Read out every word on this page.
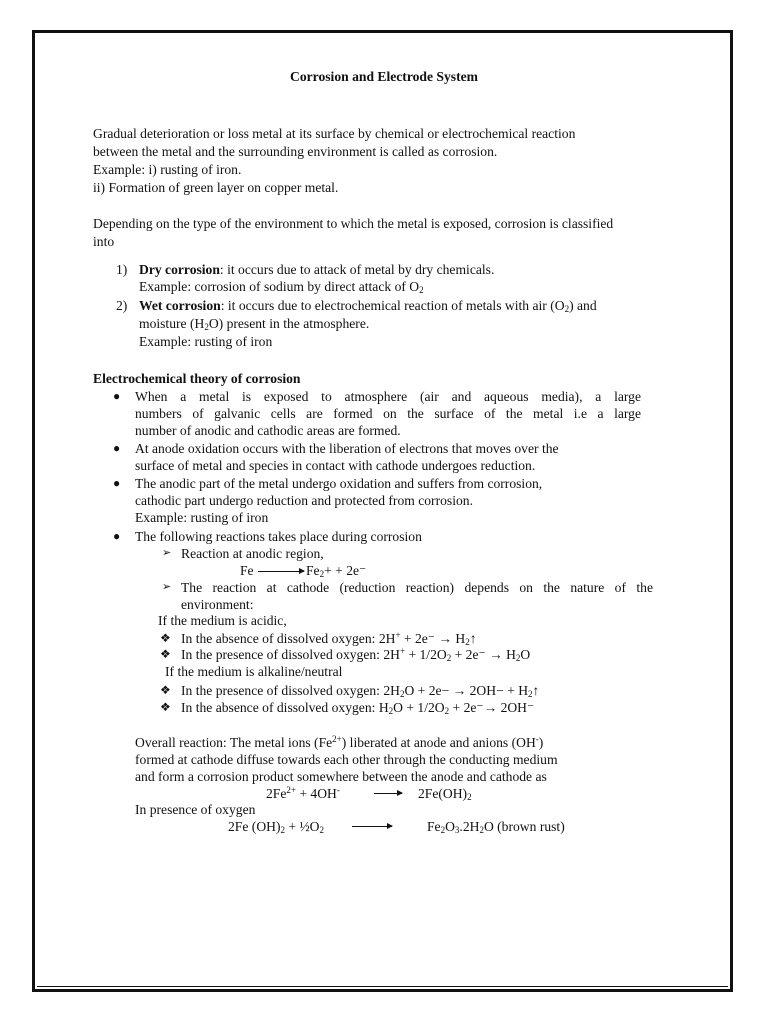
Corrosion and Electrode System
Gradual deterioration or loss metal at its surface by chemical or electrochemical reaction
between the metal and the surrounding environment is called as corrosion.
Example: i) rusting of iron.
ii) Formation of green layer on copper metal.
Depending on the type of the environment to which the metal is exposed, corrosion is classified
into
1) Dry corrosion: it occurs due to attack of metal by dry chemicals.
Example: corrosion of sodium by direct attack of $O_2$
2) Wet corrosion: it occurs due to electrochemical reaction of metals with air $(O_2)$ and
moisture $(H_2O)$ present in the atmosphere.
Example: rusting of iron
Electrochemical theory of corrosion
● When a metal is exposed to atmosphere (air and aqueous media), a large
numbers of galvanic cells are formed on the surface of the metal i.e a large
number of anodic and cathodic areas are formed.
● At anode oxidation occurs with the liberation of electrons that moves over the
surface of metal and species in contact with cathode undergoes reduction.
● The anodic part of the metal undergo oxidation and suffers from corrosion,
cathodic part undergo reduction and protected from corrosion.
Example: rusting of iron
● The following reactions takes place during corrosion
➢ Reaction at anodic region,
$Fe \to Fe_2+ + 2e^-$
➢ The reaction at cathode (reduction reaction) depends on the nature of the
environment:
If the medium is acidic,
❖ In the absence of dissolved oxygen: $2H^+ + 2e^- \to H_2↑$
❖ In the presence of dissolved oxygen: $2H^+ + 1/2O_2 + 2e^- \to H_2O$
If the medium is alkaline/neutral
❖ In the presence of dissolved oxygen: $2H_2O + 2e- \to 2OH-$ + $H_2↑$
❖ In the absence of dissolved oxygen: $H_2O + 1/2O_2 + 2e^-\to 2OH^-$
Overall reaction: The metal ions $(Fe^{2+})$ liberated at anode and anions (OH-)
formed at cathode diffuse towards each other through the conducting medium
and form a corrosion product somewhere between the anode and cathode as
$2Fe^{2+} + 4OH^- \to 2Fe(OH)_2$
In presence of oxygen
2Fe $(OH)_2$ + $\frac{1}{2}O_2$	$Fe_2O_3.2H_2O$ (brown rust)
